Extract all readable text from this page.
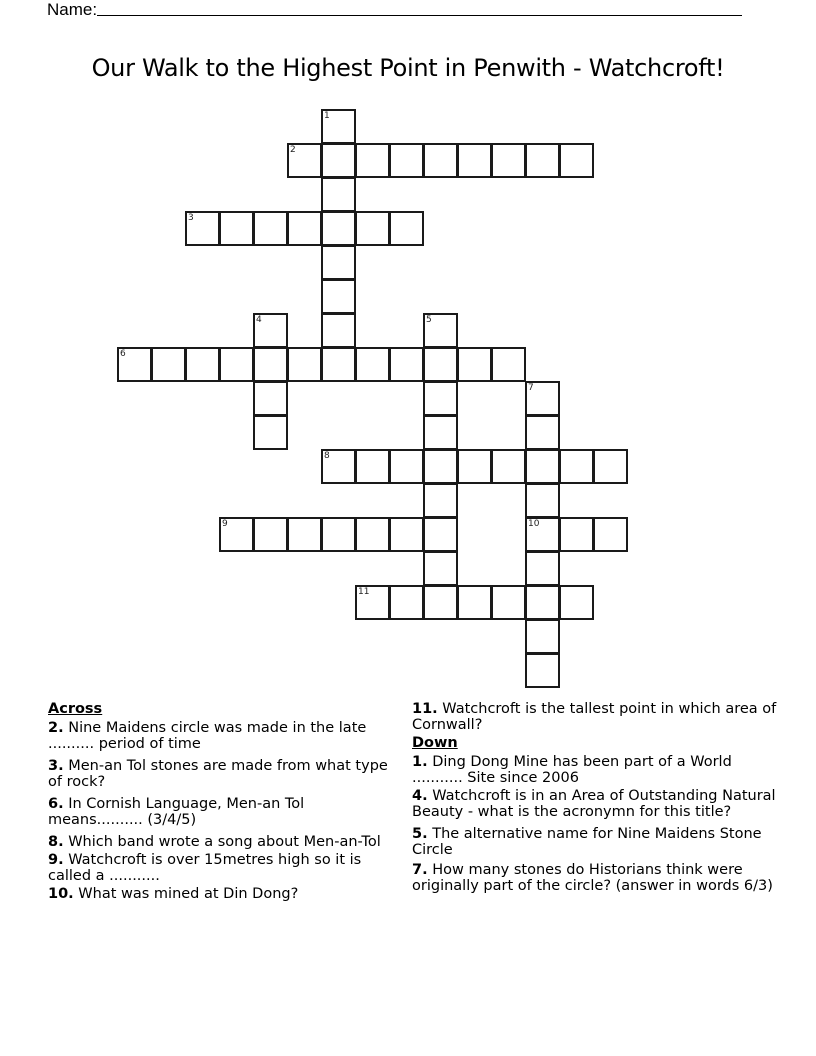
Name:
Our Walk to the Highest Point in Penwith - Watchcroft!
1
2
3
4	5
6
7
10
8
9
11
Across
2. Nine Maidens circle was made in the late .......... period of time
3. Men-an Tol stones are made from what type of rock?
6. In Cornish Language, Men-an Tol means.......... (3/4/5)
8. Which band wrote a song about Men-an-Tol
9. Watchcroft is over 15metres high so it is called a ...........
10. What was mined at Din Dong?
11. Watchcroft is the tallest point in which area of Cornwall?
Down
1. Ding Dong Mine has been part of a World ........... Site since 2006
4. Watchcroft is in an Area of Outstanding Natural Beauty - what is the acronymn for this title?
5. The alternative name for Nine Maidens Stone Circle
7. How many stones do Historians think were originally part of the circle? (answer in words 6/3)
